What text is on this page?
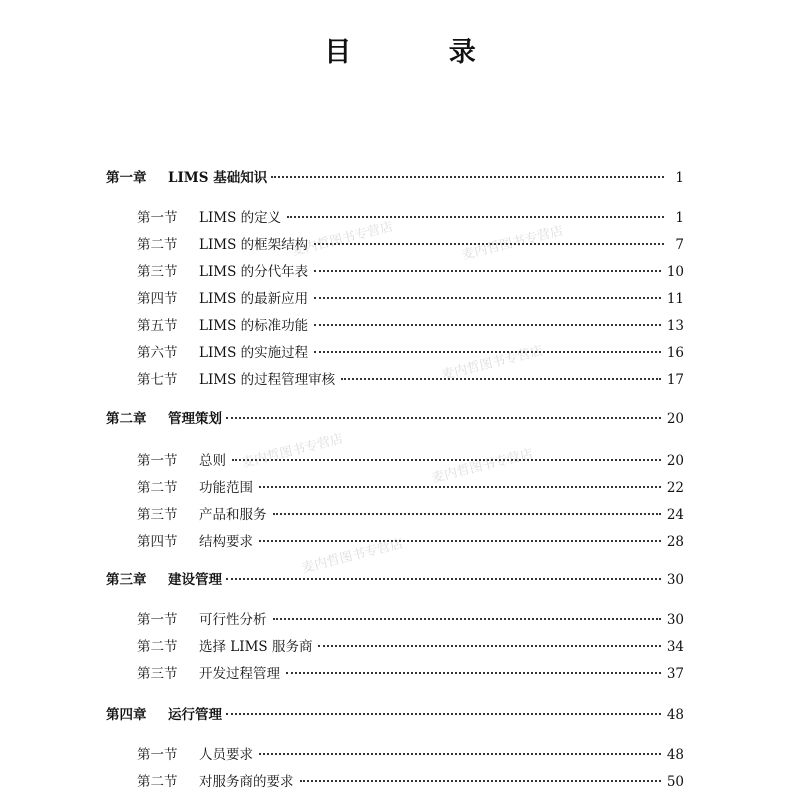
目 录
第一章	LIMS 基础知识	1
第一节	LIMS 的定义	1
第二节	LIMS 的框架结构	7
第三节	LIMS 的分代年表	10
第四节	LIMS 的最新应用	11
第五节	LIMS 的标准功能	13
第六节	LIMS 的实施过程	16
第七节	LIMS 的过程管理审核	17
第二章	管理策划	20
第一节	总则	20
第二节	功能范围	22
第三节	产品和服务	24
第四节	结构要求	28
第三章	建设管理	30
第一节	可行性分析	30
第二节	选择 LIMS 服务商	34
第三节	开发过程管理	37
第四章	运行管理	48
第一节	人员要求	48
第二节	对服务商的要求	50
麦内哲图书专营店	麦内哲图书专营店
麦内哲图书专营店
麦内哲图书专营店	麦内哲图书专营店
麦内哲图书专营店
